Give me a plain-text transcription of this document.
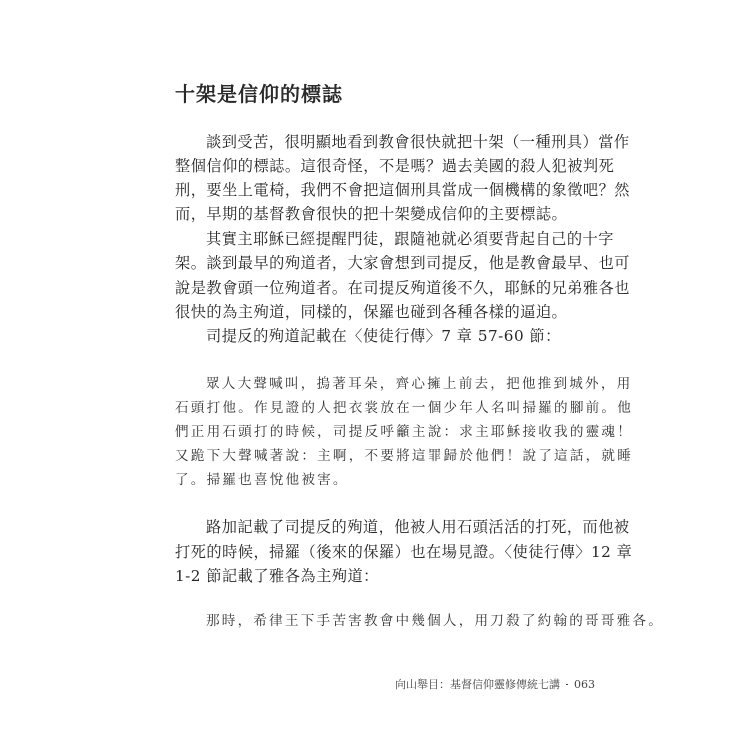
十架是信仰的標誌
談到受苦，很明顯地看到教會很快就把十架（一種刑具）當作
整個信仰的標誌。這很奇怪，不是嗎？過去美國的殺人犯被判死
刑，要坐上電椅，我們不會把這個刑具當成一個機構的象徵吧？然
而，早期的基督教會很快的把十架變成信仰的主要標誌。
其實主耶穌已經提醒門徒，跟隨祂就必須要背起自己的十字
架。談到最早的殉道者，大家會想到司提反，他是教會最早、也可
說是教會頭一位殉道者。在司提反殉道後不久，耶穌的兄弟雅各也
很快的為主殉道，同樣的，保羅也碰到各種各樣的逼迫。
司提反的殉道記載在〈使徒行傳〉7 章 57-60 節：
眾人大聲喊叫，摀著耳朵，齊心擁上前去，把他推到城外，用
石頭打他。作見證的人把衣裳放在一個少年人名叫掃羅的腳前。他
們正用石頭打的時候，司提反呼籲主說：求主耶穌接收我的靈魂！
又跪下大聲喊著說：主啊，不要將這罪歸於他們！說了這話，就睡
了。掃羅也喜悅他被害。
路加記載了司提反的殉道，他被人用石頭活活的打死，而他被
打死的時候，掃羅（後來的保羅）也在場見證。〈使徒行傳〉12 章
1-2 節記載了雅各為主殉道：
那時，希律王下手苦害教會中幾個人，用刀殺了約翰的哥哥雅各。
向山舉目：基督信仰靈修傳統七講 063
